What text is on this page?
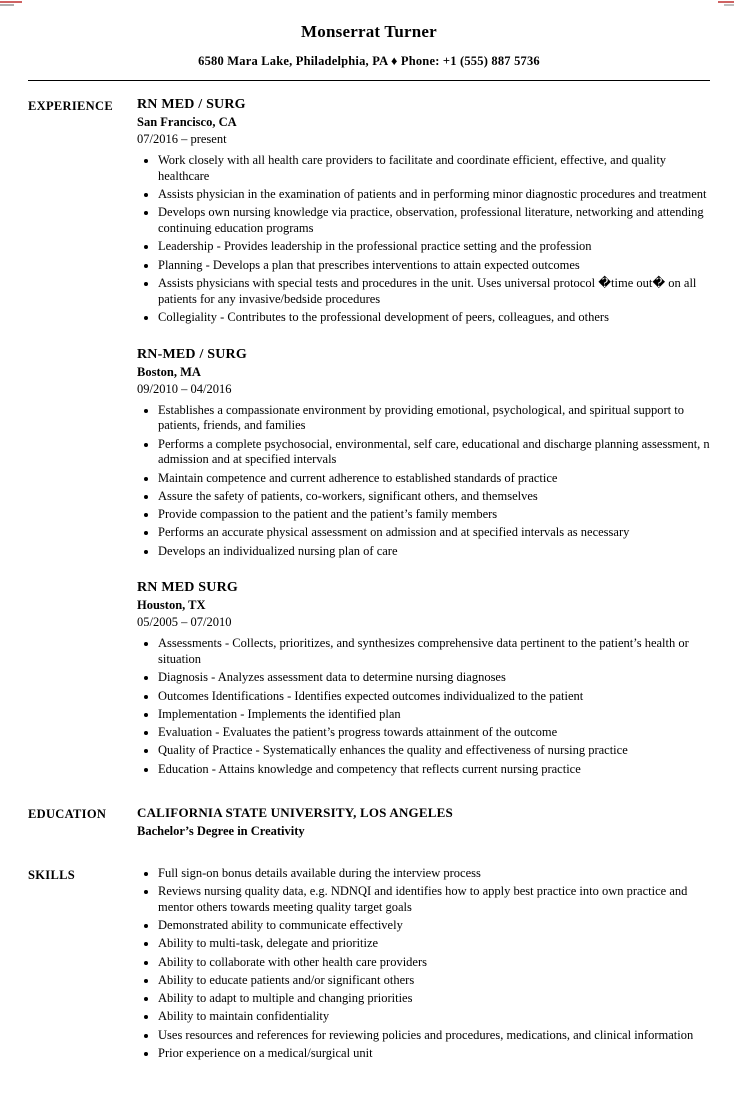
Monserrat Turner
6580 Mara Lake, Philadelphia, PA ♦ Phone: +1 (555) 887 5736
EXPERIENCE	RN MED / SURG
San Francisco, CA
07/2016 – present
• Work closely with all health care providers to facilitate and coordinate efficient, effective, and quality healthcare
• Assists physician in the examination of patients and in performing minor diagnostic procedures and treatment
• Develops own nursing knowledge via practice, observation, professional literature, networking and attending continuing education programs
• Leadership - Provides leadership in the professional practice setting and the profession
• Planning - Develops a plan that prescribes interventions to attain expected outcomes
• Assists physicians with special tests and procedures in the unit. Uses universal protocol �time out� on all patients for any invasive/bedside procedures
• Collegiality - Contributes to the professional development of peers, colleagues, and others
RN-MED / SURG
Boston, MA
09/2010 – 04/2016
• Establishes a compassionate environment by providing emotional, psychological, and spiritual support to patients, friends, and families
• Performs a complete psychosocial, environmental, self care, educational and discharge planning assessment, n admission and at specified intervals
• Maintain competence and current adherence to established standards of practice
• Assure the safety of patients, co-workers, significant others, and themselves
• Provide compassion to the patient and the patient’s family members
• Performs an accurate physical assessment on admission and at specified intervals as necessary
• Develops an individualized nursing plan of care
RN MED SURG
Houston, TX
05/2005 – 07/2010
• Assessments - Collects, prioritizes, and synthesizes comprehensive data pertinent to the patient’s health or situation
• Diagnosis - Analyzes assessment data to determine nursing diagnoses
• Outcomes Identifications - Identifies expected outcomes individualized to the patient
• Implementation - Implements the identified plan
• Evaluation - Evaluates the patient’s progress towards attainment of the outcome
• Quality of Practice - Systematically enhances the quality and effectiveness of nursing practice
• Education - Attains knowledge and competency that reflects current nursing practice
EDUCATION	CALIFORNIA STATE UNIVERSITY, LOS ANGELES
Bachelor’s Degree in Creativity
SKILLS	• Full sign-on bonus details available during the interview process
• Reviews nursing quality data, e.g. NDNQI and identifies how to apply best practice into own practice and mentor others towards meeting quality target goals
• Demonstrated ability to communicate effectively
• Ability to multi-task, delegate and prioritize
• Ability to collaborate with other health care providers
• Ability to educate patients and/or significant others
• Ability to adapt to multiple and changing priorities
• Ability to maintain confidentiality
• Uses resources and references for reviewing policies and procedures, medications, and clinical information
• Prior experience on a medical/surgical unit
